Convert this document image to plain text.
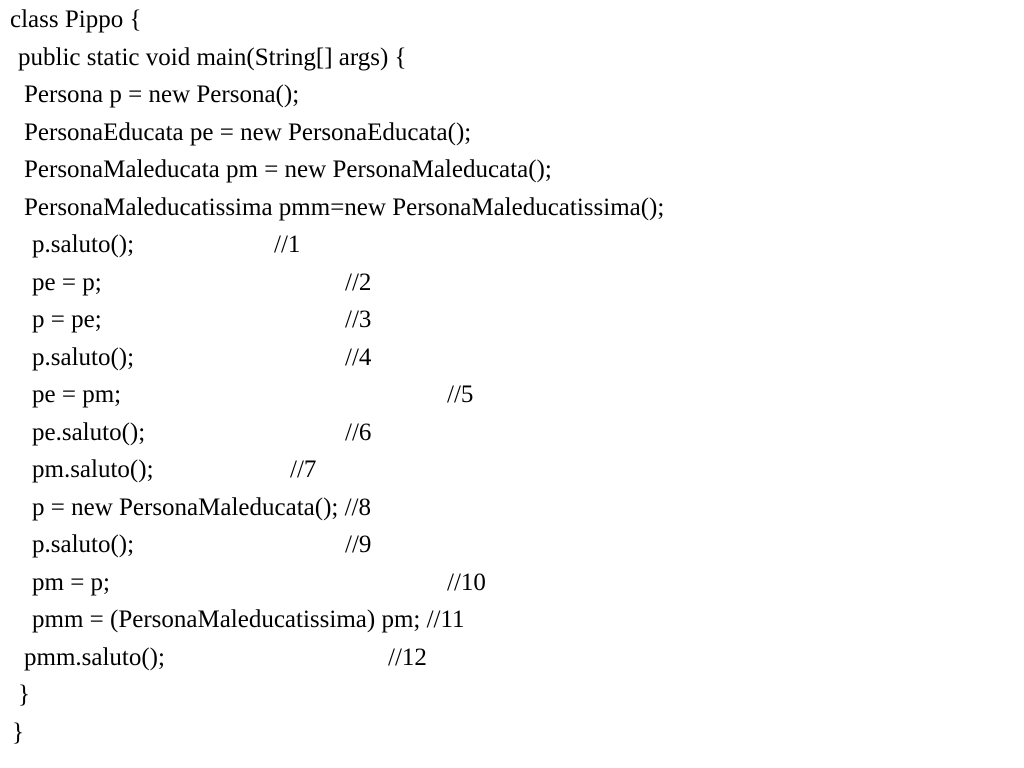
class Pippo {
public static void main(String[] args) {
Persona p = new Persona();
PersonaEducata pe = new PersonaEducata();
PersonaMaleducata pm = new PersonaMaleducata();
PersonaMaleducatissima pmm=new PersonaMaleducatissima();
p.saluto();	//1
pe = p;	//2
p = pe;	//3
p.saluto();	//4
pe = pm;	//5
pe.saluto();	//6
pm.saluto();	//7
p = new PersonaMaleducata(); //8
p.saluto();	//9
pm = p;	//10
pmm = (PersonaMaleducatissima) pm; //11
pmm.saluto();	//12
}
}
